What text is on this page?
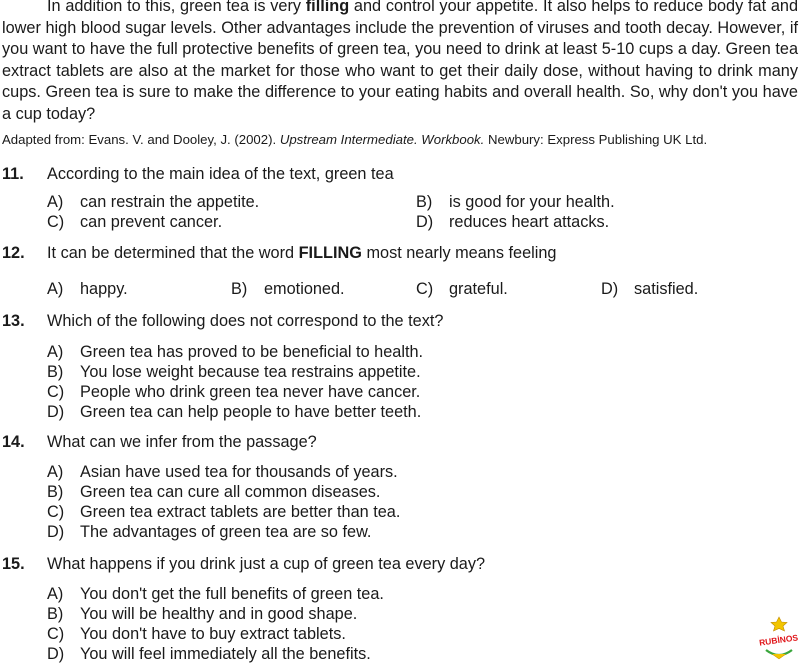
In addition to this, green tea is very filling and control your appetite. It also helps to reduce body fat and lower high blood sugar levels. Other advantages include the prevention of viruses and tooth decay. However, if you want to have the full protective benefits of green tea, you need to drink at least 5-10 cups a day. Green tea extract tablets are also at the market for those who want to get their daily dose, without having to drink many cups. Green tea is sure to make the difference to your eating habits and overall health. So, why don't you have a cup today?

Adapted from: Evans. V. and Dooley, J. (2002). Upstream Intermediate. Workbook. Newbury: Express Publishing UK Ltd.

11. According to the main idea of the text, green tea
A) can restrain the appetite.	B) is good for your health.
C) can prevent cancer.	D) reduces heart attacks.
12. It can be determined that the word FILLING most nearly means feeling
A) happy.	B) emotioned.	C) grateful.	D) satisfied.
13. Which of the following does not correspond to the text?
A) Green tea has proved to be beneficial to health.
B) You lose weight because tea restrains appetite.
C) People who drink green tea never have cancer.
D) Green tea can help people to have better teeth.
14. What can we infer from the passage?
A) Asian have used tea for thousands of years.
B) Green tea can cure all common diseases.
C) Green tea extract tablets are better than tea.
D) The advantages of green tea are so few.
15. What happens if you drink just a cup of green tea every day?
A) You don't get the full benefits of green tea.
B) You will be healthy and in good shape.
C) You don't have to buy extract tablets.
D) You will feel immediately all the benefits.
RUBİNOS
